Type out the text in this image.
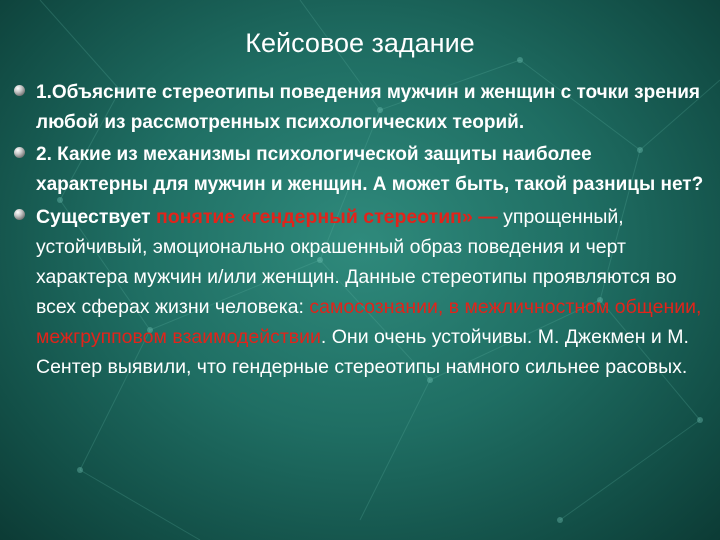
Кейсовое задание
1.Объясните стереотипы поведения мужчин и женщин с точки зрения любой из рассмотренных психологических теорий.
2. Какие из механизмы психологической защиты наиболее характерны для мужчин и женщин. А может быть, такой разницы нет?
Существует понятие «гендерный стереотип» — упрощенный, устойчивый, эмоционально окрашенный образ поведения и черт характера мужчин и/или женщин. Данные стереотипы проявляются во всех сферах жизни человека: самосознании, в межличностном общении, межгрупповом взаимодействии. Они очень устойчивы. М. Джекмен и М. Сентер выявили, что гендерные стереотипы намного сильнее расовых.
